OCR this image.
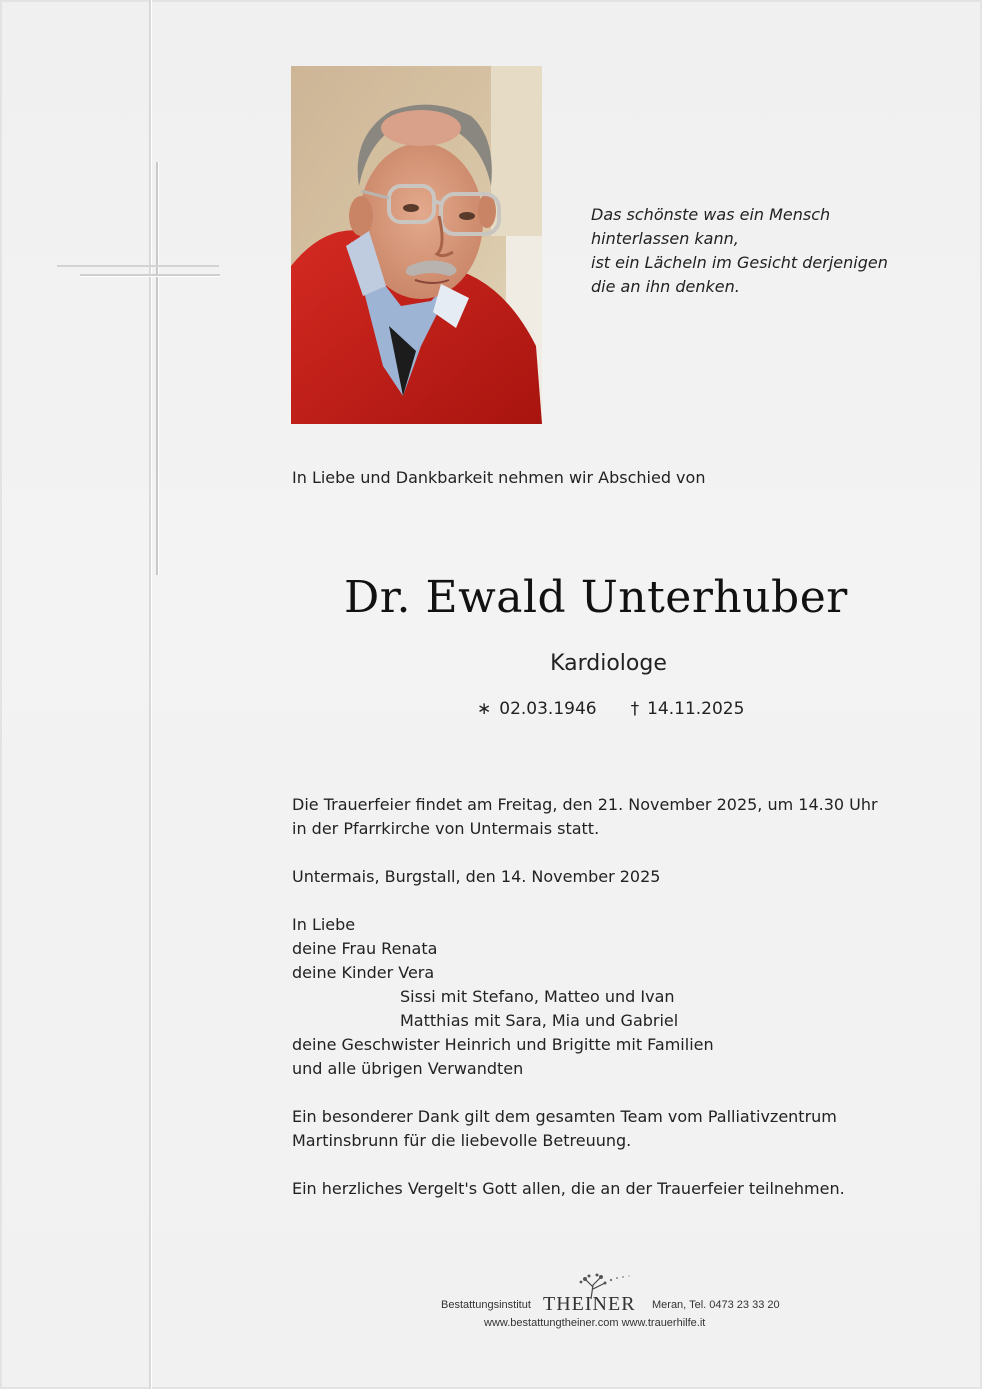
Das schönste was ein Mensch
hinterlassen kann,
ist ein Lächeln im Gesicht derjenigen
die an ihn denken.
In Liebe und Dankbarkeit nehmen wir Abschied von
Dr. Ewald Unterhuber
Kardiologe
∗ 02.03.1946 † 14.11.2025
Die Trauerfeier findet am Freitag, den 21. November 2025, um 14.30 Uhr
in der Pfarrkirche von Untermais statt.
Untermais, Burgstall, den 14. November 2025
In Liebe
deine Frau Renata
deine Kinder Vera
Sissi mit Stefano, Matteo und Ivan
Matthias mit Sara, Mia und Gabriel
deine Geschwister Heinrich und Brigitte mit Familien
und alle übrigen Verwandten
Ein besonderer Dank gilt dem gesamten Team vom Palliativzentrum
Martinsbrunn für die liebevolle Betreuung.
Ein herzliches Vergelt's Gott allen, die an der Trauerfeier teilnehmen.
Bestattungsinstitut THEINER Meran, Tel. 0473 23 33 20
www.bestattungtheiner.com www.trauerhilfe.it
